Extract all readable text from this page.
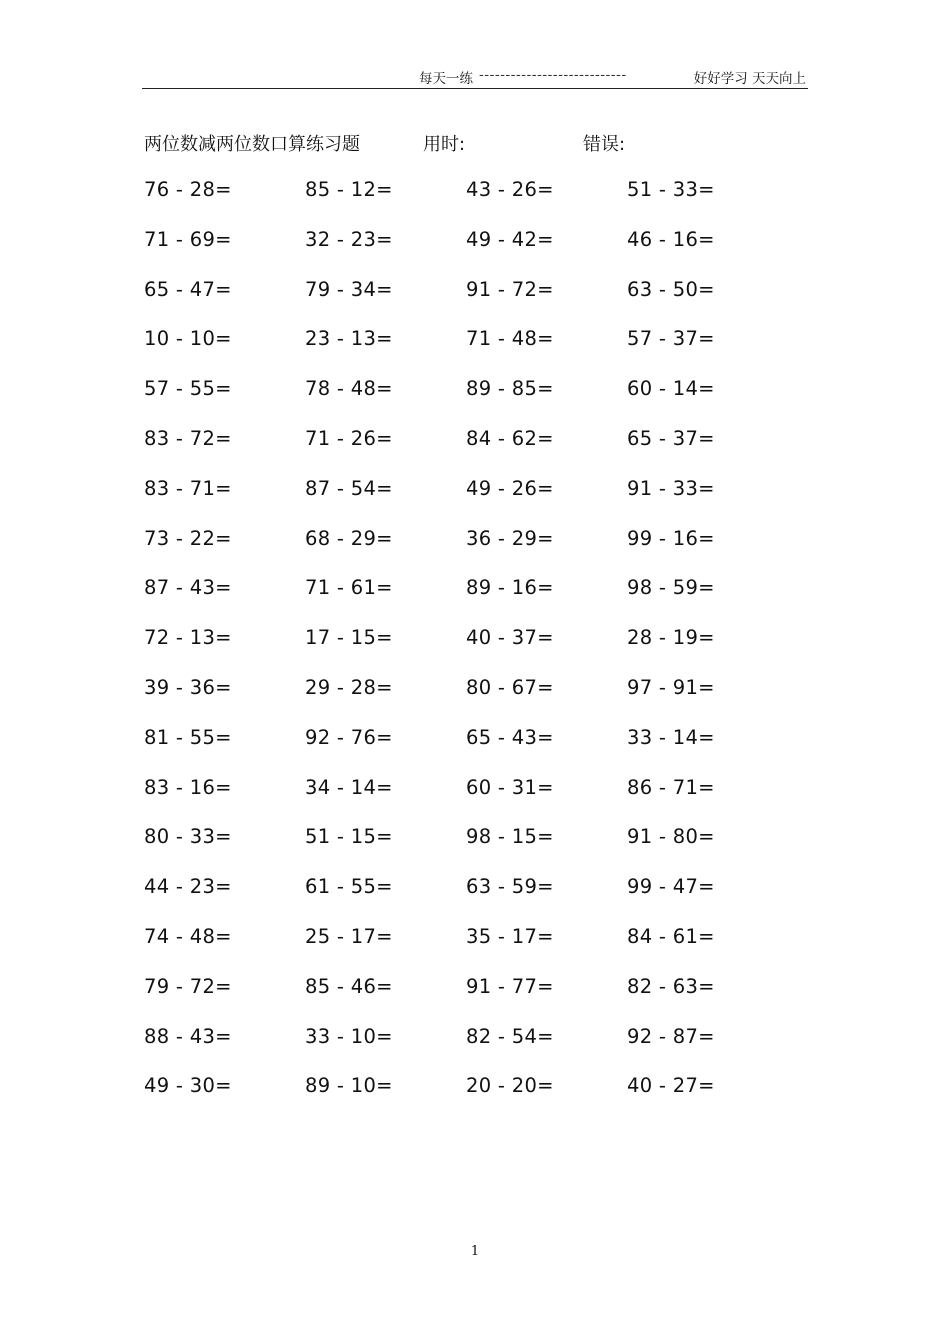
每天一练 ----------------------------	好好学习 天天向上
两位数减两位数口算练习题	用时:	错误:
76 - 28=	85 - 12=	43 - 26=	51 - 33=
71 - 69=	32 - 23=	49 - 42=	46 - 16=
65 - 47=	79 - 34=	91 - 72=	63 - 50=
10 - 10=	23 - 13=	71 - 48=	57 - 37=
57 - 55=	78 - 48=	89 - 85=	60 - 14=
83 - 72=	71 - 26=	84 - 62=	65 - 37=
83 - 71=	87 - 54=	49 - 26=	91 - 33=
73 - 22=	68 - 29=	36 - 29=	99 - 16=
87 - 43=	71 - 61=	89 - 16=	98 - 59=
72 - 13=	17 - 15=	40 - 37=	28 - 19=
39 - 36=	29 - 28=	80 - 67=	97 - 91=
81 - 55=	92 - 76=	65 - 43=	33 - 14=
83 - 16=	34 - 14=	60 - 31=	86 - 71=
80 - 33=	51 - 15=	98 - 15=	91 - 80=
44 - 23=	61 - 55=	63 - 59=	99 - 47=
74 - 48=	25 - 17=	35 - 17=	84 - 61=
79 - 72=	85 - 46=	91 - 77=	82 - 63=
88 - 43=	33 - 10=	82 - 54=	92 - 87=
49 - 30=	89 - 10=	20 - 20=	40 - 27=
1
